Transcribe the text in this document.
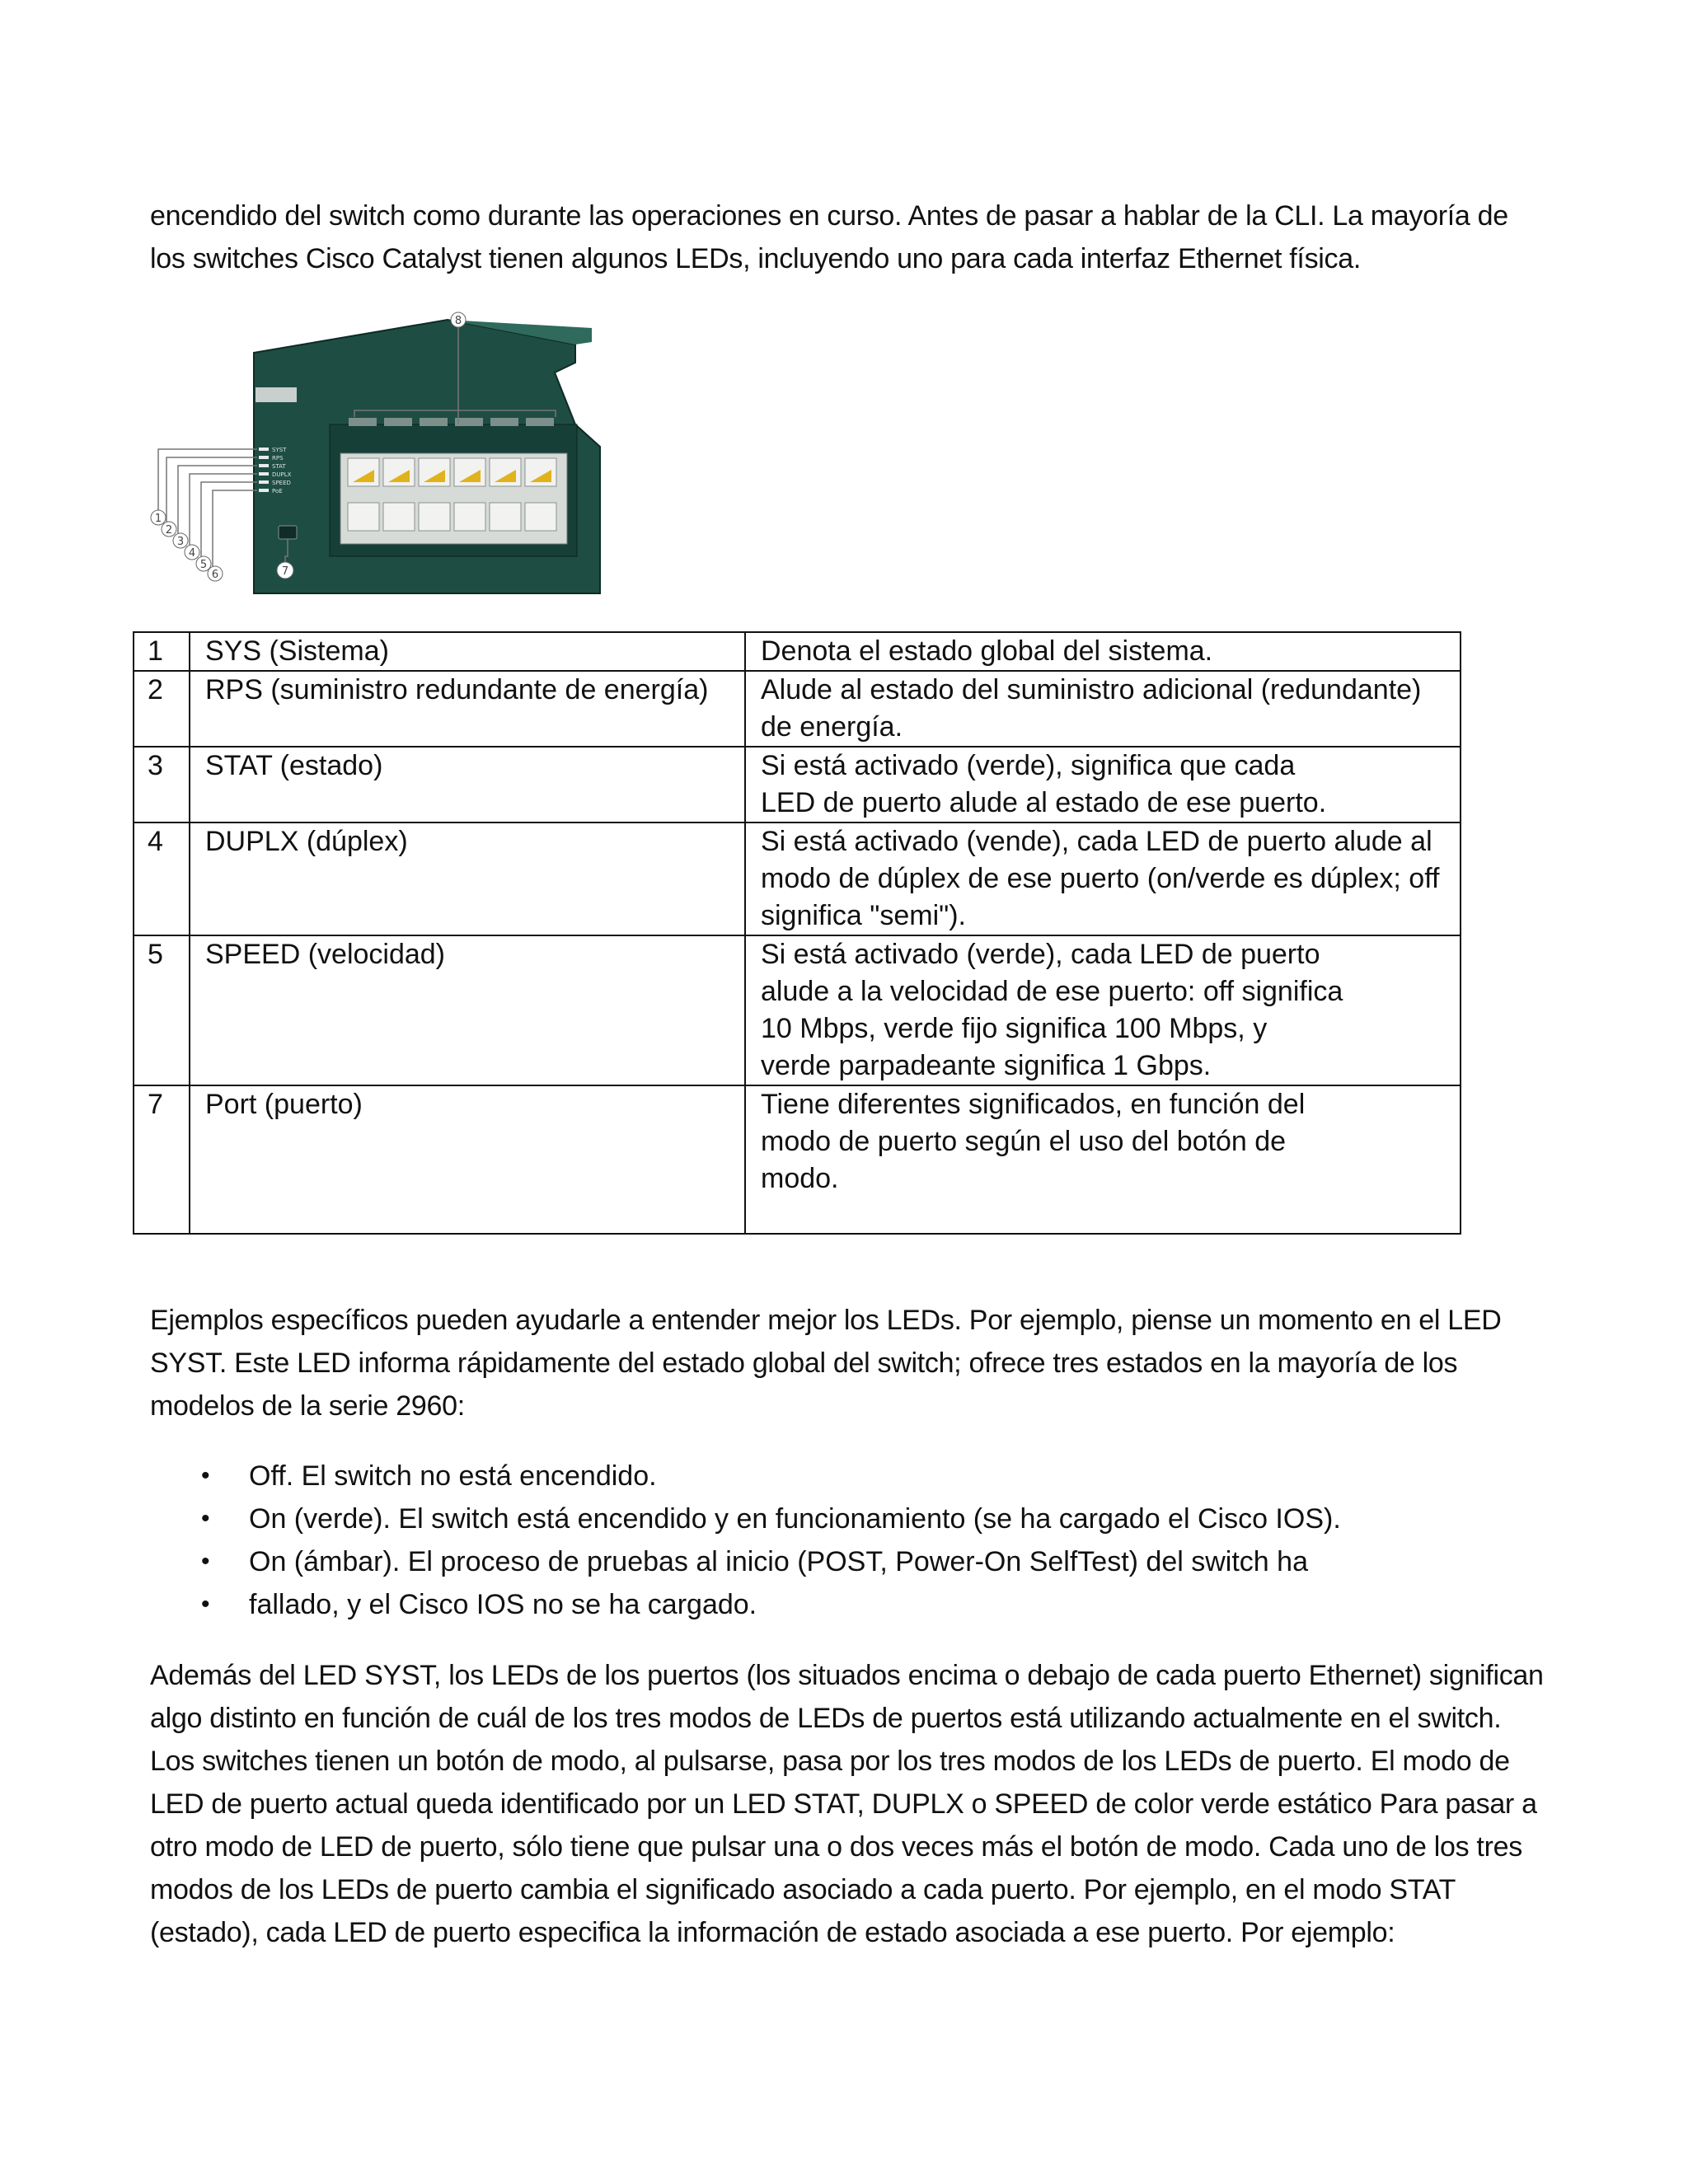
encendido del switch como durante las operaciones en curso. Antes de pasar a hablar de la CLI. La mayoría de
los switches Cisco Catalyst tienen algunos LEDs, incluyendo uno para cada interfaz Ethernet física.

SYST
RPS
STAT
DUPLX
SPEED
PoE
1
2
3
4
5
6	7
8
1	SYS (Sistema)	Denota el estado global del sistema.

2	RPS (suministro redundante de energía)	Alude al estado del suministro adicional (redundante)
de energía.

3	STAT (estado)	Si está activado (verde), significa que cada
LED de puerto alude al estado de ese puerto.

4	DUPLX (dúplex)	Si está activado (vende), cada LED de puerto alude al
modo de dúplex de ese puerto (on/verde es dúplex; off
significa "semi").

5	SPEED (velocidad)	Si está activado (verde), cada LED de puerto
alude a la velocidad de ese puerto: off significa
10 Mbps, verde fijo significa 100 Mbps, y
verde parpadeante significa 1 Gbps.

7	Port (puerto)	Tiene diferentes significados, en función del
modo de puerto según el uso del botón de
modo.

Ejemplos específicos pueden ayudarle a entender mejor los LEDs. Por ejemplo, piense un momento en el LED
SYST. Este LED informa rápidamente del estado global del switch; ofrece tres estados en la mayoría de los
modelos de la serie 2960:

• Off. El switch no está encendido.
• On (verde). El switch está encendido y en funcionamiento (se ha cargado el Cisco IOS).
• On (ámbar). El proceso de pruebas al inicio (POST, Power-On SelfTest) del switch ha
• fallado, y el Cisco IOS no se ha cargado.

Además del LED SYST, los LEDs de los puertos (los situados encima o debajo de cada puerto Ethernet) significan
algo distinto en función de cuál de los tres modos de LEDs de puertos está utilizando actualmente en el switch.
Los switches tienen un botón de modo, al pulsarse, pasa por los tres modos de los LEDs de puerto. El modo de
LED de puerto actual queda identificado por un LED STAT, DUPLX o SPEED de color verde estático Para pasar a
otro modo de LED de puerto, sólo tiene que pulsar una o dos veces más el botón de modo. Cada uno de los tres
modos de los LEDs de puerto cambia el significado asociado a cada puerto. Por ejemplo, en el modo STAT
(estado), cada LED de puerto especifica la información de estado asociada a ese puerto. Por ejemplo:
